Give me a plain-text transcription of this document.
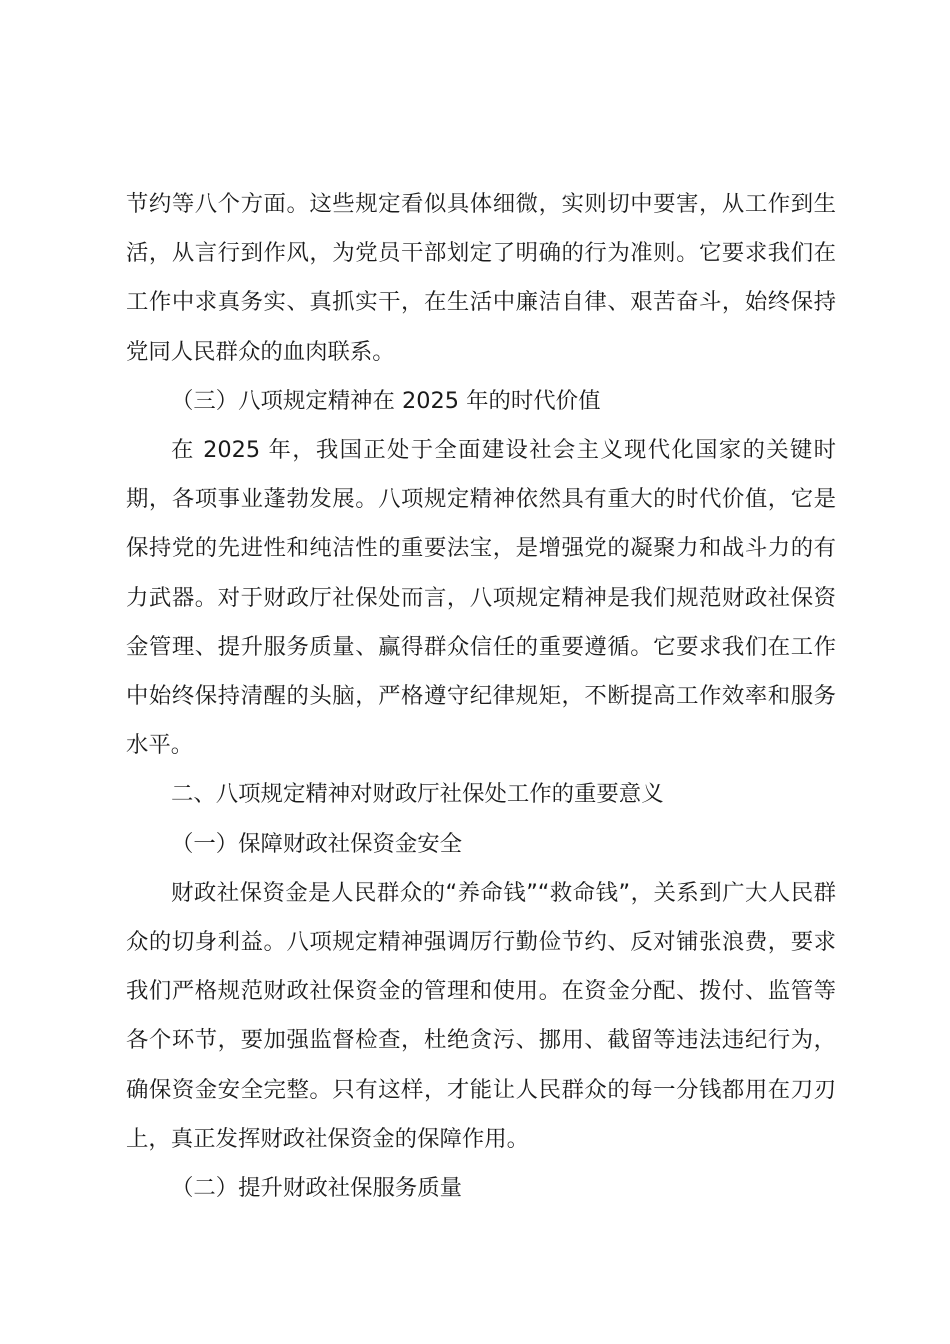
节约等八个方面。这些规定看似具体细微，实则切中要害，从工作到生活，从言行到作风，为党员干部划定了明确的行为准则。它要求我们在工作中求真务实、真抓实干，在生活中廉洁自律、艰苦奋斗，始终保持党同人民群众的血肉联系。

（三）八项规定精神在 2025 年的时代价值

在 2025 年，我国正处于全面建设社会主义现代化国家的关键时期，各项事业蓬勃发展。八项规定精神依然具有重大的时代价值，它是保持党的先进性和纯洁性的重要法宝，是增强党的凝聚力和战斗力的有力武器。对于财政厅社保处而言，八项规定精神是我们规范财政社保资金管理、提升服务质量、赢得群众信任的重要遵循。它要求我们在工作中始终保持清醒的头脑，严格遵守纪律规矩，不断提高工作效率和服务水平。

二、八项规定精神对财政厅社保处工作的重要意义

（一）保障财政社保资金安全

财政社保资金是人民群众的“养命钱”“救命钱”，关系到广大人民群众的切身利益。八项规定精神强调厉行勤俭节约、反对铺张浪费，要求我们严格规范财政社保资金的管理和使用。在资金分配、拨付、监管等各个环节，要加强监督检查，杜绝贪污、挪用、截留等违法违纪行为，确保资金安全完整。只有这样，才能让人民群众的每一分钱都用在刀刃上，真正发挥财政社保资金的保障作用。

（二）提升财政社保服务质量
